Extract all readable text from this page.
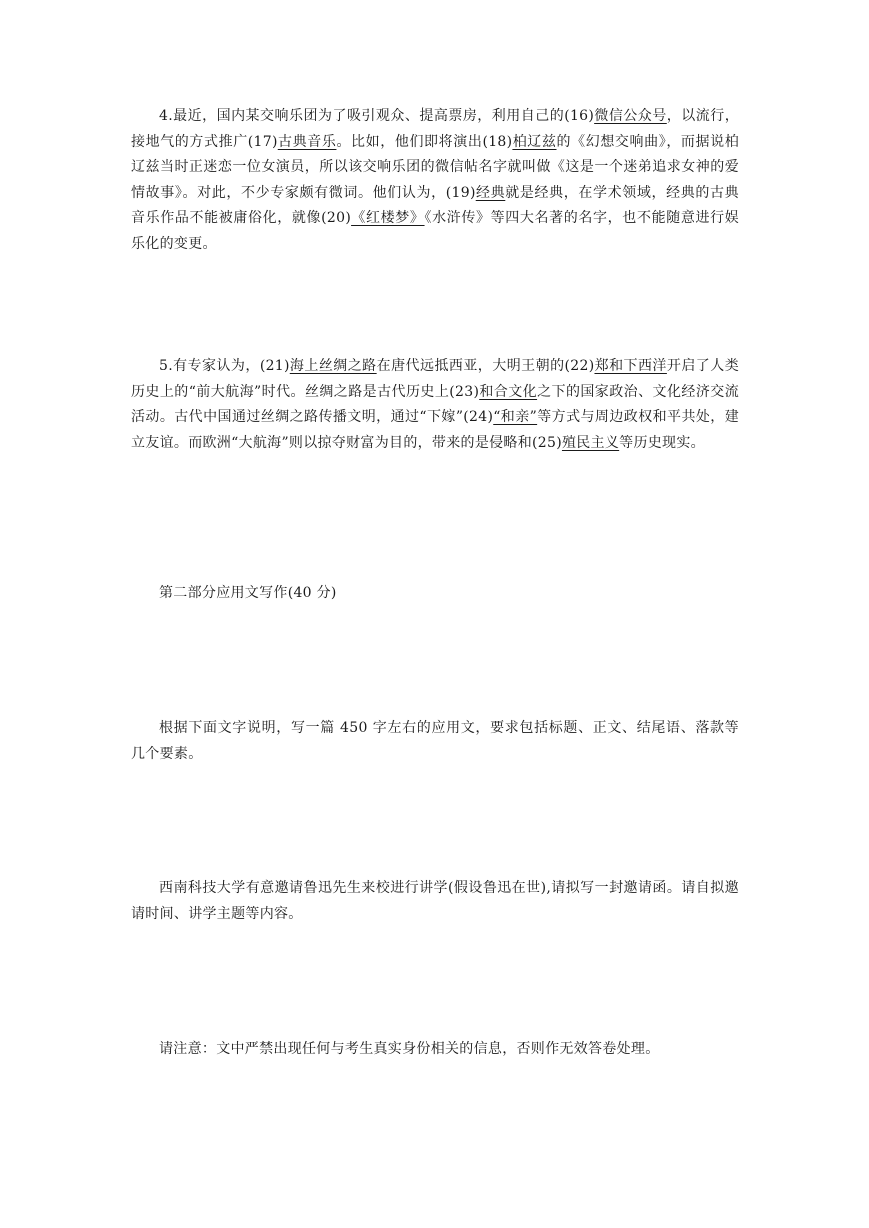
4.最近，国内某交响乐团为了吸引观众、提高票房，利用自己的(16)微信公众号，以流行，接地气的方式推广(17)古典音乐。比如，他们即将演出(18)柏辽兹的《幻想交响曲》，而据说柏辽兹当时正迷恋一位女演员，所以该交响乐团的微信帖名字就叫做《这是一个迷弟追求女神的爱情故事》。对此，不少专家颇有微词。他们认为，(19)经典就是经典，在学术领域，经典的古典音乐作品不能被庸俗化，就像(20)《红楼梦》《水浒传》等四大名著的名字，也不能随意进行娱乐化的变更。

5.有专家认为，(21)海上丝绸之路在唐代远抵西亚，大明王朝的(22)郑和下西洋开启了人类历史上的“前大航海”时代。丝绸之路是古代历史上(23)和合文化之下的国家政治、文化经济交流活动。古代中国通过丝绸之路传播文明，通过“下嫁”(24)“和亲”等方式与周边政权和平共处，建立友谊。而欧洲“大航海”则以掠夺财富为目的，带来的是侵略和(25)殖民主义等历史现实。

第二部分应用文写作(40 分)

根据下面文字说明，写一篇 450 字左右的应用文，要求包括标题、正文、结尾语、落款等几个要素。

西南科技大学有意邀请鲁迅先生来校进行讲学(假设鲁迅在世),请拟写一封邀请函。请自拟邀请时间、讲学主题等内容。

请注意：文中严禁出现任何与考生真实身份相关的信息，否则作无效答卷处理。
